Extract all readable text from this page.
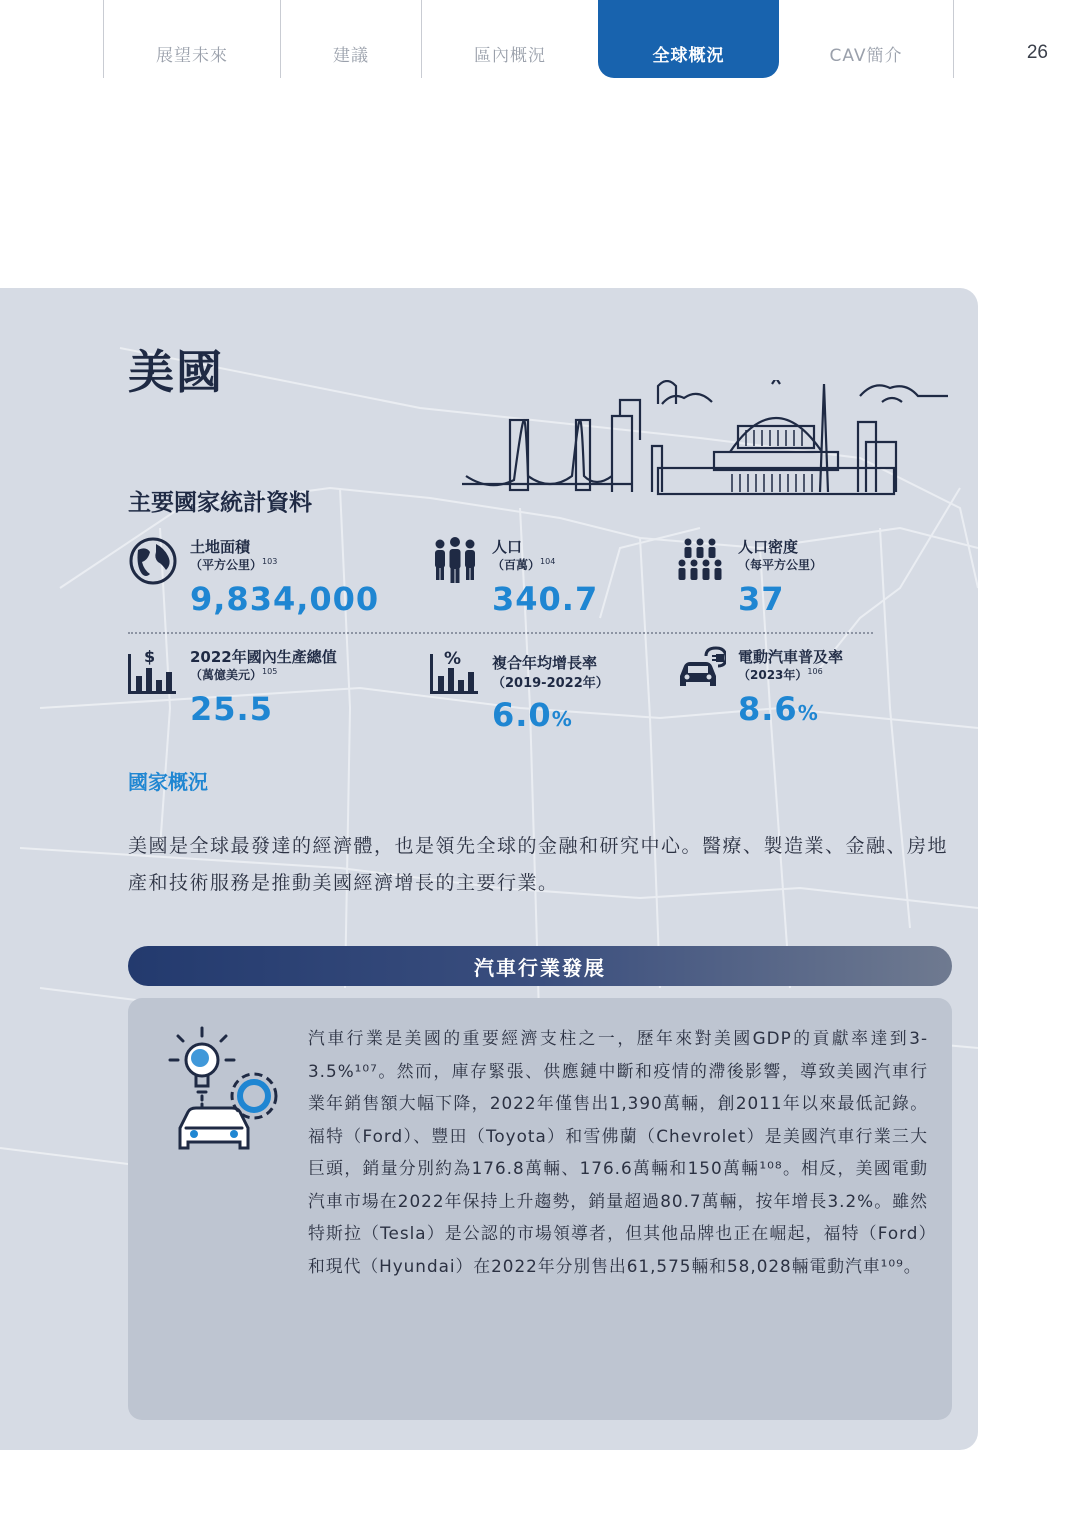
展望未來	建議	區內概況	全球概況	CAV簡介	26
美國
主要國家統計資料
土地面積
（平方公里）$^{103}$
9,834,000
人口
（百萬）$^{104}$
340.7
人口密度
（每平方公里）
37
$ 2022年國內生產總值
（萬億美元）$^{105}$
25.5
% 複合年均增長率
（2019-2022年）
6.0%
電動汽車普及率
（2023年）$^{106}$
8.6%
國家概況

美國是全球最發達的經濟體，也是領先全球的金融和研究中心。醫療、製造業、金融、房地產和技術服務是推動美國經濟增長的主要行業。

汽車行業發展

汽車行業是美國的重要經濟支柱之一，歷年來對美國GDP的貢獻率達到3-3.5%¹⁰⁷。然而，庫存緊張、供應鏈中斷和疫情的滯後影響，導致美國汽車行業年銷售額大幅下降，2022年僅售出1,390萬輛，創2011年以來最低記錄。福特（Ford）、豐田（Toyota）和雪佛蘭（Chevrolet）是美國汽車行業三大巨頭，銷量分別約為176.8萬輛、176.6萬輛和150萬輛¹⁰⁸。相反，美國電動汽車市場在2022年保持上升趨勢，銷量超過80.7萬輛，按年增長3.2%。雖然特斯拉（Tesla）是公認的市場領導者，但其他品牌也正在崛起，福特（Ford）和現代（Hyundai）在2022年分別售出61,575輛和58,028輛電動汽車¹⁰⁹。
